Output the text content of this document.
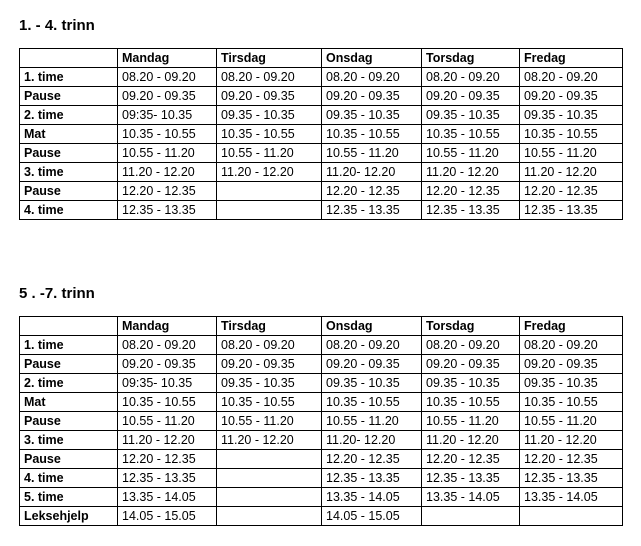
1. - 4. trinn
	Mandag	Tirsdag	Onsdag	Torsdag	Fredag
1. time	08.20 - 09.20	08.20 - 09.20	08.20 - 09.20	08.20 - 09.20	08.20 - 09.20
Pause	09.20 - 09.35	09.20 - 09.35	09.20 - 09.35	09.20 - 09.35	09.20 - 09.35
2. time	09:35- 10.35	09.35 - 10.35	09.35 - 10.35	09.35 - 10.35	09.35 - 10.35
Mat	10.35 - 10.55	10.35 - 10.55	10.35 - 10.55	10.35 - 10.55	10.35 - 10.55
Pause	10.55 - 11.20	10.55 - 11.20	10.55 - 11.20	10.55 - 11.20	10.55 - 11.20
3. time	11.20 - 12.20	11.20 - 12.20	11.20- 12.20	11.20 - 12.20	11.20 - 12.20
Pause	12.20 - 12.35		12.20 - 12.35	12.20 - 12.35	12.20 - 12.35
4. time	12.35 - 13.35		12.35 - 13.35	12.35 - 13.35	12.35 - 13.35
5 . -7. trinn
	Mandag	Tirsdag	Onsdag	Torsdag	Fredag
1. time	08.20 - 09.20	08.20 - 09.20	08.20 - 09.20	08.20 - 09.20	08.20 - 09.20
Pause	09.20 - 09.35	09.20 - 09.35	09.20 - 09.35	09.20 - 09.35	09.20 - 09.35
2. time	09:35- 10.35	09.35 - 10.35	09.35 - 10.35	09.35 - 10.35	09.35 - 10.35
Mat	10.35 - 10.55	10.35 - 10.55	10.35 - 10.55	10.35 - 10.55	10.35 - 10.55
Pause	10.55 - 11.20	10.55 - 11.20	10.55 - 11.20	10.55 - 11.20	10.55 - 11.20
3. time	11.20 - 12.20	11.20 - 12.20	11.20- 12.20	11.20 - 12.20	11.20 - 12.20
Pause	12.20 - 12.35		12.20 - 12.35	12.20 - 12.35	12.20 - 12.35
4. time	12.35 - 13.35		12.35 - 13.35	12.35 - 13.35	12.35 - 13.35
5. time	13.35 - 14.05		13.35 - 14.05	13.35 - 14.05	13.35 - 14.05
Leksehjelp	14.05 - 15.05		14.05 - 15.05		
